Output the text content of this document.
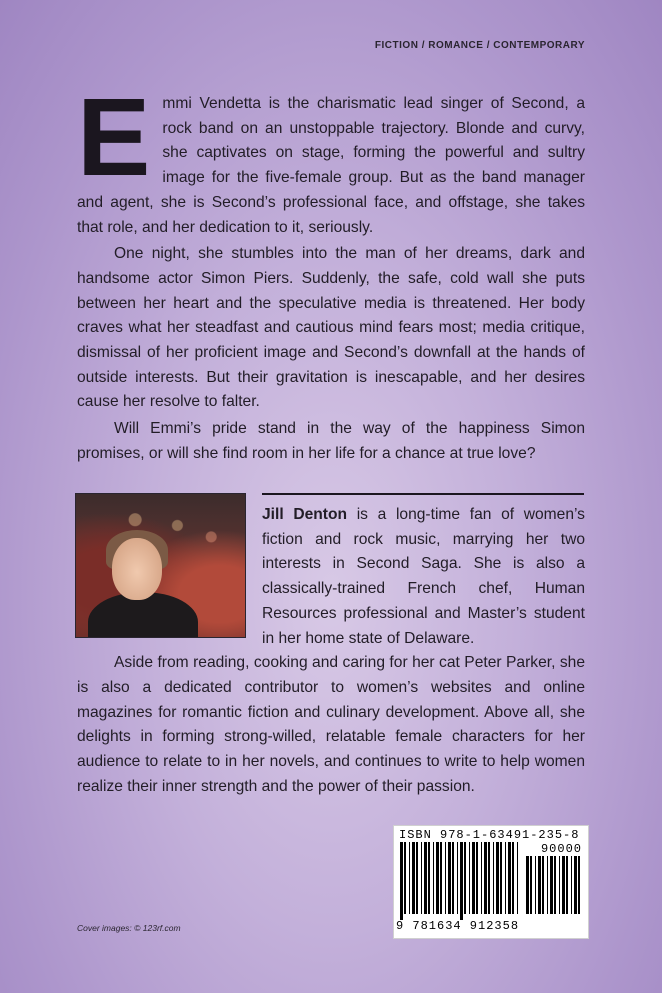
FICTION / ROMANCE / CONTEMPORARY
E mmi Vendetta is the charismatic lead singer of Second, a rock band on an unstoppable trajectory. Blonde and curvy, she captivates on stage, forming the powerful and sultry image for the five-female group. But as the band manager and agent, she is Second’s professional face, and offstage, she takes that role, and her dedication to it, seriously.

One night, she stumbles into the man of her dreams, dark and handsome actor Simon Piers. Suddenly, the safe, cold wall she puts between her heart and the speculative media is threatened. Her body craves what her steadfast and cautious mind fears most; media critique, dismissal of her proficient image and Second’s downfall at the hands of outside interests. But their gravitation is inescapable, and her desires cause her resolve to falter.

Will Emmi’s pride stand in the way of the happiness Simon promises, or will she find room in her life for a chance at true love?

Jill Denton is a long-time fan of women’s fiction and rock music, marrying her two interests in Second Saga. She is also a classically-trained French chef, Human Resources professional and Master’s student in her home state of Delaware.

Aside from reading, cooking and caring for her cat Peter Parker, she is also a dedicated contributor to women’s websites and online magazines for romantic fiction and culinary development. Above all, she delights in forming strong-willed, relatable female characters for her audience to relate to in her novels, and continues to write to help women realize their inner strength and the power of their passion.

ISBN 978-1-63491-235-8
90000
9 781634 912358
Cover images: © 123rf.com
